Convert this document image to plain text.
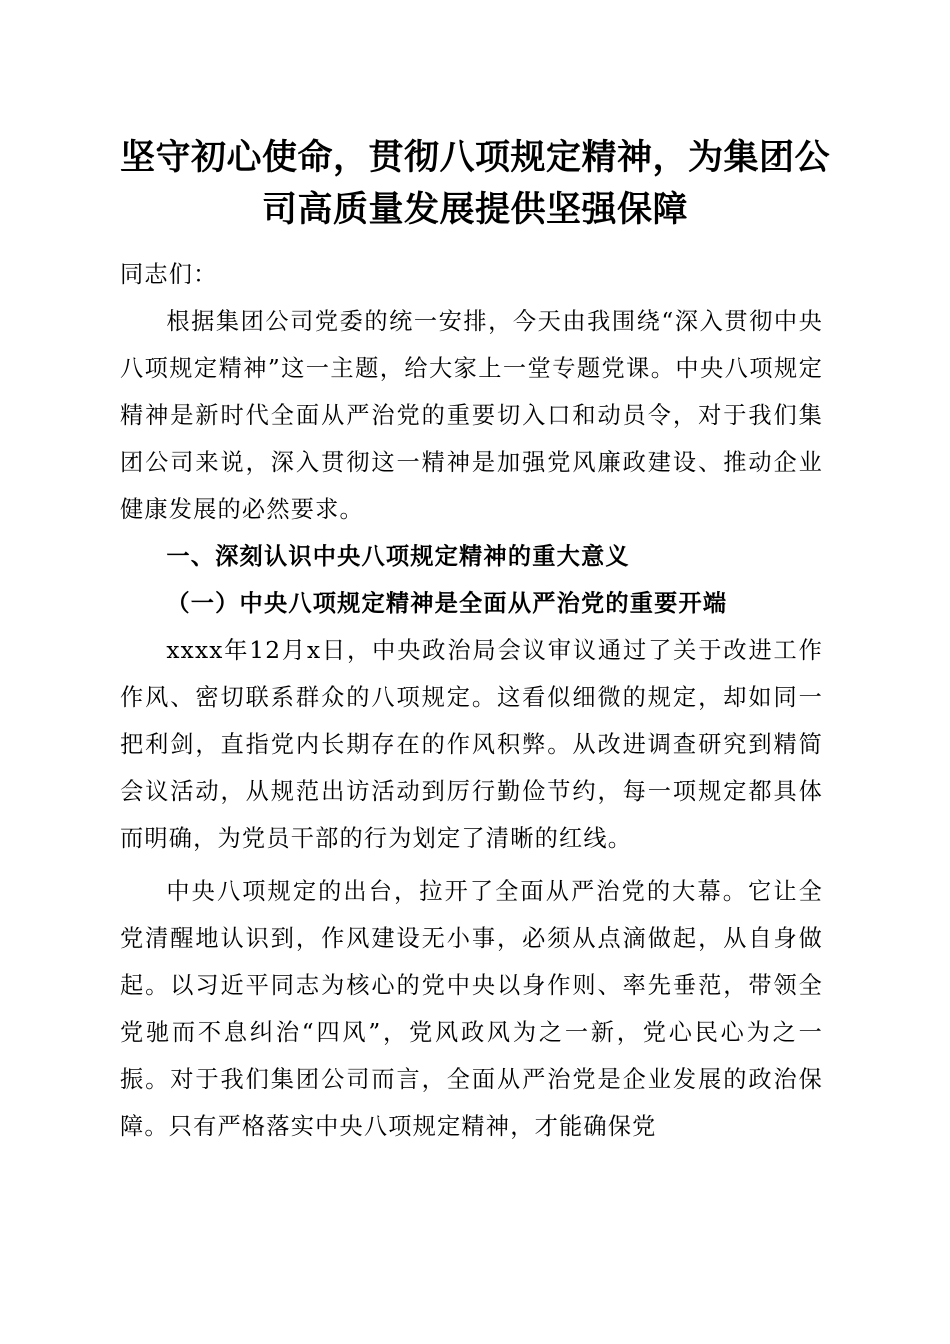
坚守初心使命，贯彻八项规定精神，为集团公
司高质量发展提供坚强保障

同志们：

根据集团公司党委的统一安排，今天由我围绕“深入贯彻中央八项规定精神”这一主题，给大家上一堂专题党课。中央八项规定精神是新时代全面从严治党的重要切入口和动员令，对于我们集团公司来说，深入贯彻这一精神是加强党风廉政建设、推动企业健康发展的必然要求。

一、深刻认识中央八项规定精神的重大意义

（一）中央八项规定精神是全面从严治党的重要开端

xxxx年12月x日，中央政治局会议审议通过了关于改进工作作风、密切联系群众的八项规定。这看似细微的规定，却如同一把利剑，直指党内长期存在的作风积弊。从改进调查研究到精简会议活动，从规范出访活动到厉行勤俭节约，每一项规定都具体而明确，为党员干部的行为划定了清晰的红线。

中央八项规定的出台，拉开了全面从严治党的大幕。它让全党清醒地认识到，作风建设无小事，必须从点滴做起，从自身做起。以习近平同志为核心的党中央以身作则、率先垂范，带领全党驰而不息纠治“四风”，党风政风为之一新，党心民心为之一振。对于我们集团公司而言，全面从严治党是企业发展的政治保障。只有严格落实中央八项规定精神，才能确保党
